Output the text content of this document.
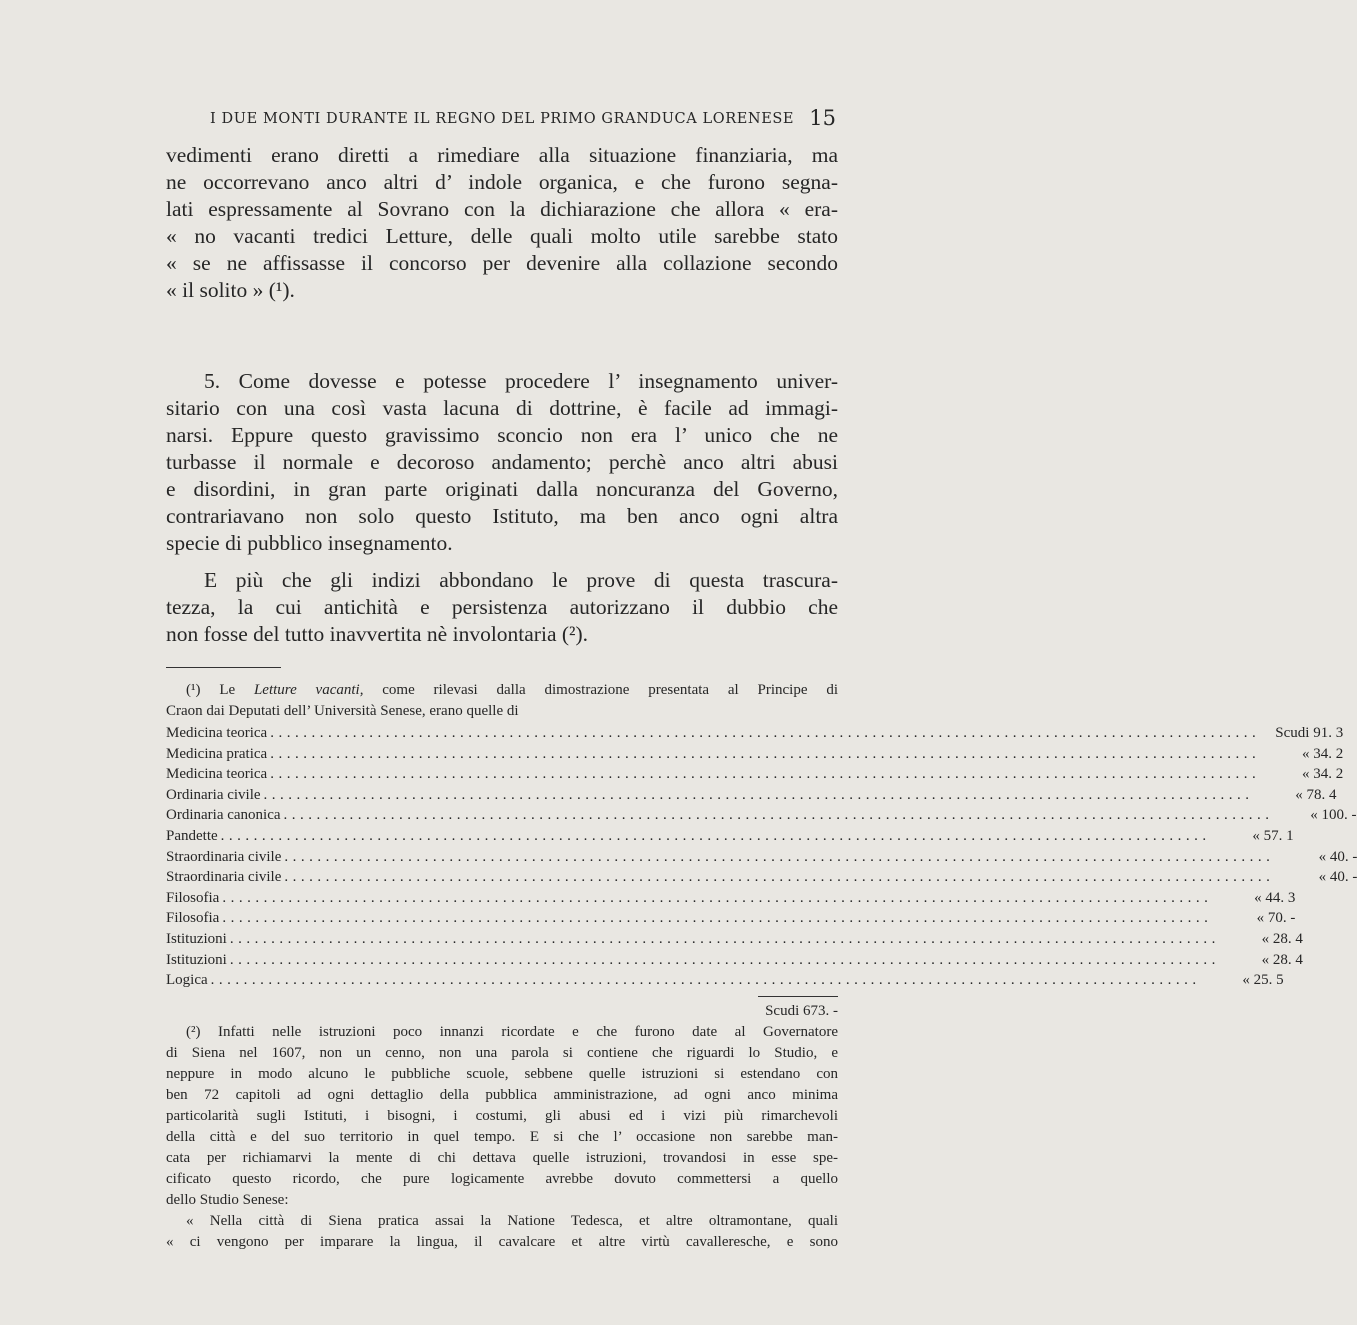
I DUE MONTI DURANTE IL REGNO DEL PRIMO GRANDUCA LORENESE 15
vedimenti erano diretti a rimediare alla situazione finanziaria, ma
ne occorrevano anco altri d’ indole organica, e che furono segna-
lati espressamente al Sovrano con la dichiarazione che allora « era-
« no vacanti tredici Letture, delle quali molto utile sarebbe stato
« se ne affissasse il concorso per devenire alla collazione secondo
« il solito » (¹).
5. Come dovesse e potesse procedere l’ insegnamento univer-
sitario con una così vasta lacuna di dottrine, è facile ad immagi-
narsi. Eppure questo gravissimo sconcio non era l’ unico che ne
turbasse il normale e decoroso andamento; perchè anco altri abusi
e disordini, in gran parte originati dalla noncuranza del Governo,
contrariavano non solo questo Istituto, ma ben anco ogni altra
specie di pubblico insegnamento.
E più che gli indizi abbondano le prove di questa trascura-
tezza, la cui antichità e persistenza autorizzano il dubbio che
non fosse del tutto inavvertita nè involontaria (²).
(¹) Le Letture vacanti, come rilevasi dalla dimostrazione presentata al Principe di
Craon dai Deputati dell’ Università Senese, erano quelle di
Medicina teorica ........................................................................................................................	Scudi 91. 3
Medicina pratica ........................................................................................................................	« 34. 2
Medicina teorica ........................................................................................................................	« 34. 2
Ordinaria civile ........................................................................................................................	« 78. 4
Ordinaria canonica ........................................................................................................................	« 100. -
Pandette ........................................................................................................................	« 57. 1
Straordinaria civile ........................................................................................................................	« 40. -
Straordinaria civile ........................................................................................................................	« 40. -
Filosofia ........................................................................................................................	« 44. 3
Filosofia ........................................................................................................................	« 70. -
Istituzioni ........................................................................................................................	« 28. 4
Istituzioni ........................................................................................................................	« 28. 4
Logica ........................................................................................................................	« 25. 5
Scudi 673. -
(²) Infatti nelle istruzioni poco innanzi ricordate e che furono date al Governatore
di Siena nel 1607, non un cenno, non una parola si contiene che riguardi lo Studio, e
neppure in modo alcuno le pubbliche scuole, sebbene quelle istruzioni si estendano con
ben 72 capitoli ad ogni dettaglio della pubblica amministrazione, ad ogni anco minima
particolarità sugli Istituti, i bisogni, i costumi, gli abusi ed i vizi più rimarchevoli
della città e del suo territorio in quel tempo. E si che l’ occasione non sarebbe man-
cata per richiamarvi la mente di chi dettava quelle istruzioni, trovandosi in esse spe-
cificato questo ricordo, che pure logicamente avrebbe dovuto commettersi a quello
dello Studio Senese:
« Nella città di Siena pratica assai la Natione Tedesca, et altre oltramontane, quali
« ci vengono per imparare la lingua, il cavalcare et altre virtù cavalleresche, e sono
